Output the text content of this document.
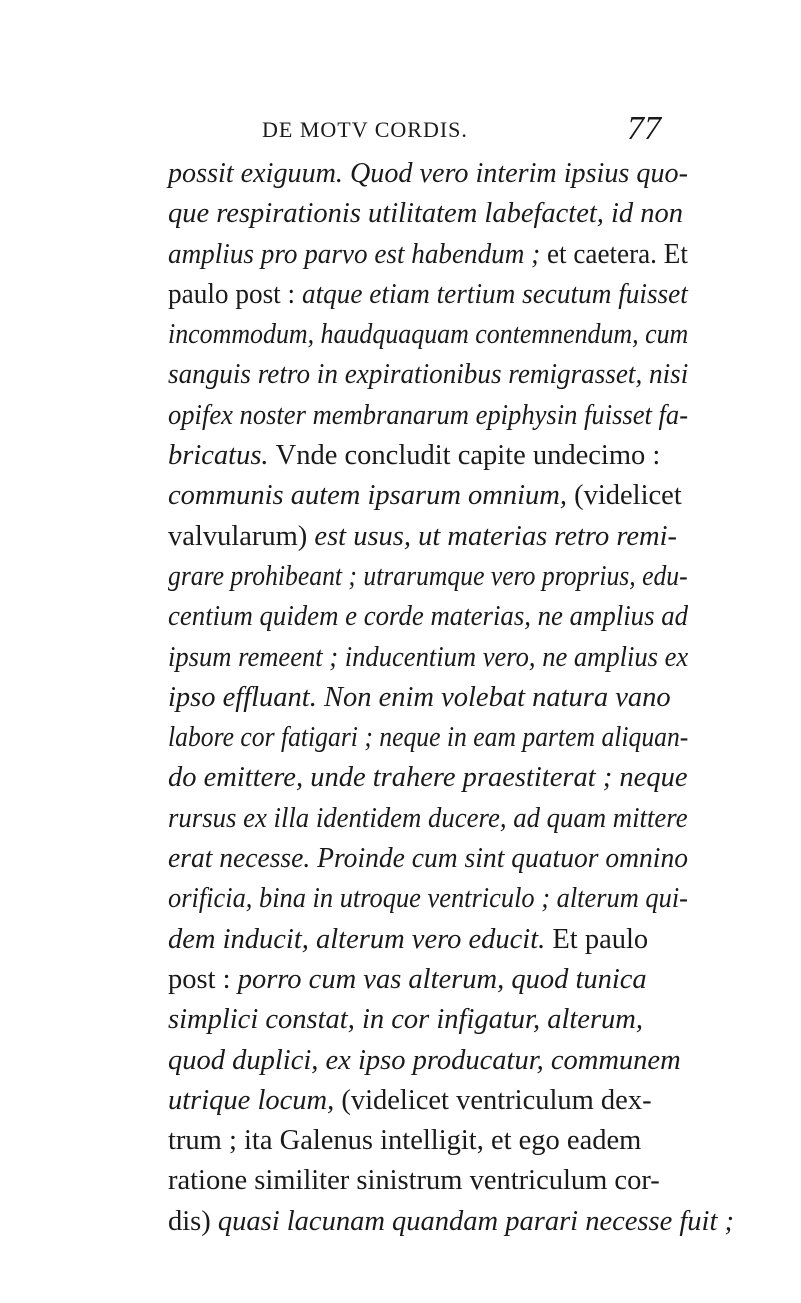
DE MOTV CORDIS.	77
possit exiguum. Quod vero interim ipsius quo-
que respirationis utilitatem labefactet, id non
amplius pro parvo est habendum ; et caetera. Et
paulo post : atque etiam tertium secutum fuisset
incommodum, haudquaquam contemnendum, cum
sanguis retro in expirationibus remigrasset, nisi
opifex noster membranarum epiphysin fuisset fa-
bricatus. Vnde concludit capite undecimo :
communis autem ipsarum omnium, (videlicet
valvularum) est usus, ut materias retro remi-
grare prohibeant ; utrarumque vero proprius, edu-
centium quidem e corde materias, ne amplius ad
ipsum remeent ; inducentium vero, ne amplius ex
ipso effluant. Non enim volebat natura vano
labore cor fatigari ; neque in eam partem aliquan-
do emittere, unde trahere praestiterat ; neque
rursus ex illa identidem ducere, ad quam mittere
erat necesse. Proinde cum sint quatuor omnino
orificia, bina in utroque ventriculo ; alterum qui-
dem inducit, alterum vero educit. Et paulo
post : porro cum vas alterum, quod tunica
simplici constat, in cor infigatur, alterum,
quod duplici, ex ipso producatur, communem
utrique locum, (videlicet ventriculum dex-
trum ; ita Galenus intelligit, et ego eadem
ratione similiter sinistrum ventriculum cor-
dis) quasi lacunam quandam parari necesse fuit ;
